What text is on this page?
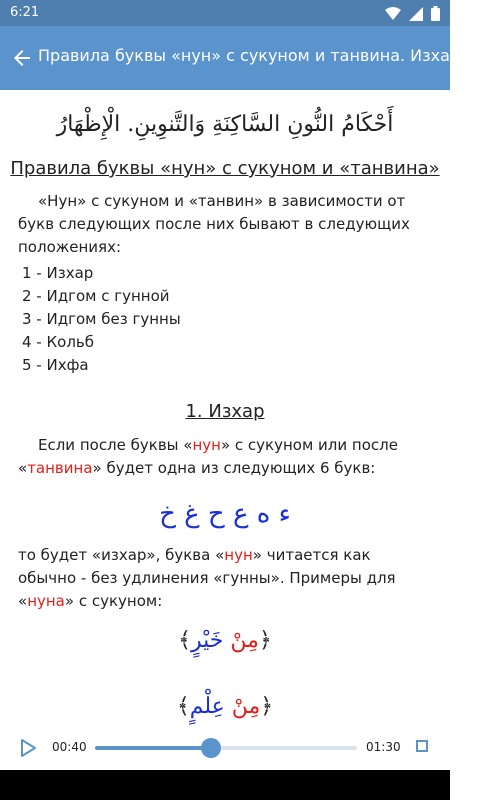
6:21
Правила буквы «нун» с сукуном и танвина. Изхар Тест
أَحْكَامُ النُّونِ السَّاكِنَةِ وَالتَّنوِينِ. الْإِظْهَارُ
Правила буквы «нун» с сукуном и «танвина»
«Нун» с сукуном и «танвин» в зависимости от букв следующих после них бывают в следующих положениях:
1 - Изхар
2 - Идгом с гунной
3 - Идгом без гунны
4 - Кольб
5 - Ихфа
1. Изхар
Если после буквы «нун» с сукуном или после «танвина» будет одна из следующих 6 букв:
ء ه ع ح غ خ
то будет «изхар», буква «нун» читается как обычно - без удлинения «гунны». Примеры для «нуна» с сукуном:
﴿مِنْ خَيْرٍ﴾
﴿مِنْ عِلْمٍ﴾
00:40	01:30
